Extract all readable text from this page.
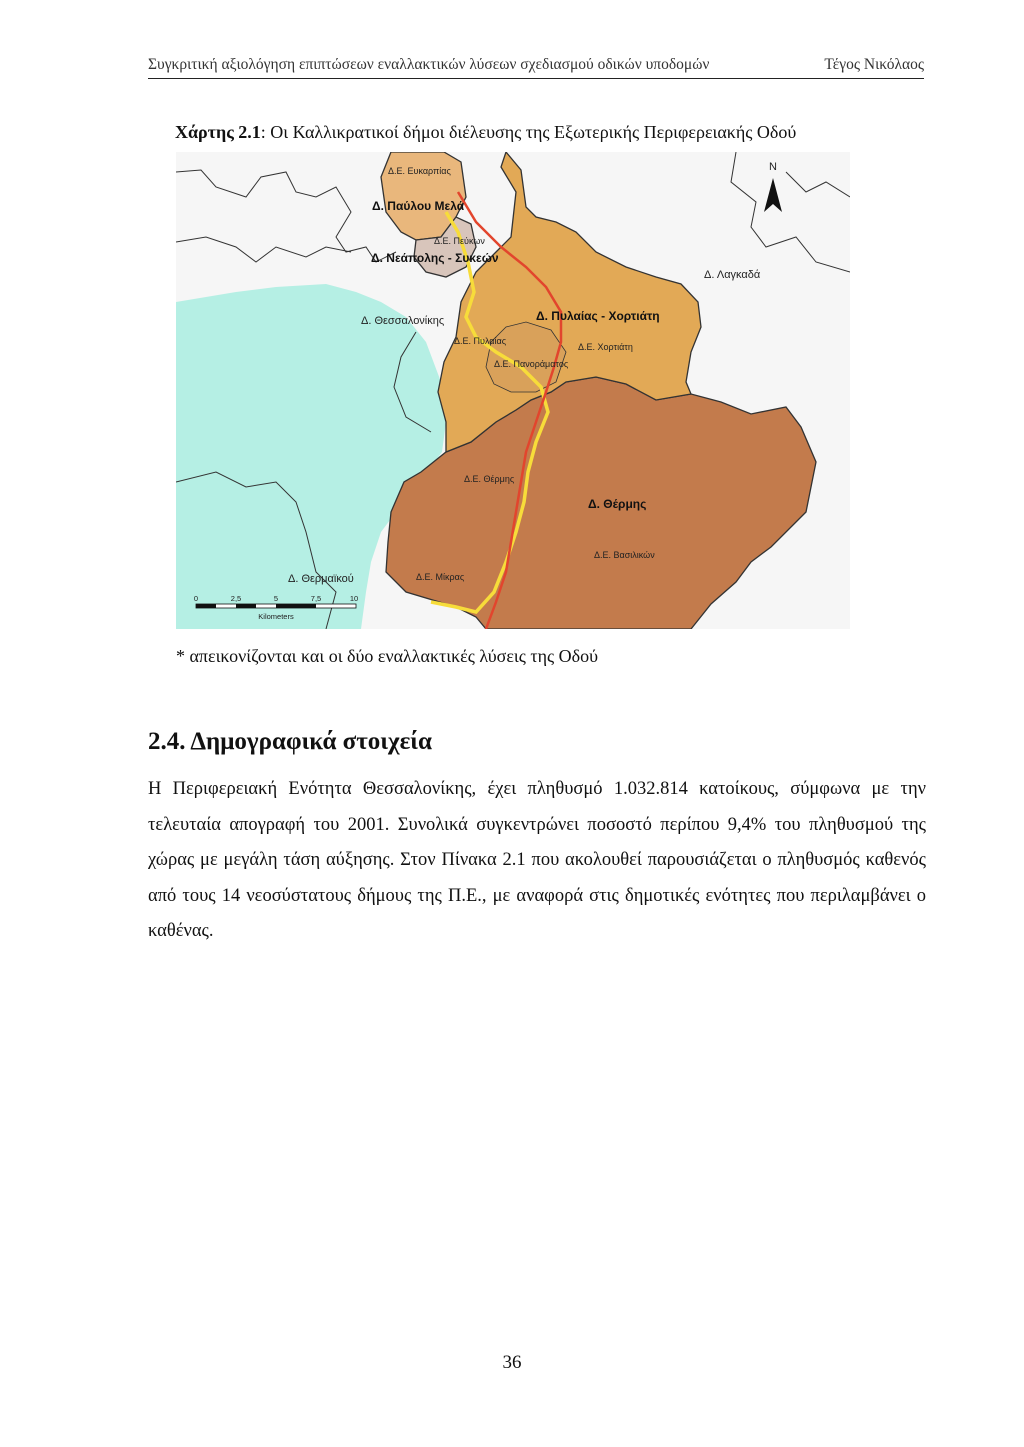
Συγκριτική αξιολόγηση επιπτώσεων εναλλακτικών λύσεων σχεδιασμού οδικών υποδομών	Τέγος Νικόλαος
Χάρτης 2.1: Οι Καλλικρατικοί δήμοι διέλευσης της Εξωτερικής Περιφερειακής Οδού
Δ.Ε. Ευκαρπίας
Δ.Ε. Πεύκων
Δ.Ε. Πυλαίας
Δ.Ε. Χορτιάτη
Δ.Ε. Πανοράματος
Δ.Ε. Θέρμης
Δ.Ε. Βασιλικών
Δ.Ε. Μίκρας
Δ. Παύλου Μελά
Δ. Νεάπολης - Συκεών
Δ. Πυλαίας - Χορτιάτη
Δ. Θέρμης
Δ. Λαγκαδά
Δ. Θεσσαλονίκης
Δ. Θερμαϊκού
N
0	2,5	5	7,5	10
Kilometers
* απεικονίζονται και οι δύο εναλλακτικές λύσεις της Οδού
2.4. Δημογραφικά στοιχεία

Η Περιφερειακή Ενότητα Θεσσαλονίκης, έχει πληθυσμό 1.032.814 κατοίκους, σύμφωνα με την τελευταία απογραφή του 2001. Συνολικά συγκεντρώνει ποσοστό περίπου 9,4% του πληθυσμού της χώρας με μεγάλη τάση αύξησης. Στον Πίνακα 2.1 που ακολουθεί παρουσιάζεται ο πληθυσμός καθενός από τους 14 νεοσύστατους δήμους της Π.Ε., με αναφορά στις δημοτικές ενότητες που περιλαμβάνει ο καθένας.

36
